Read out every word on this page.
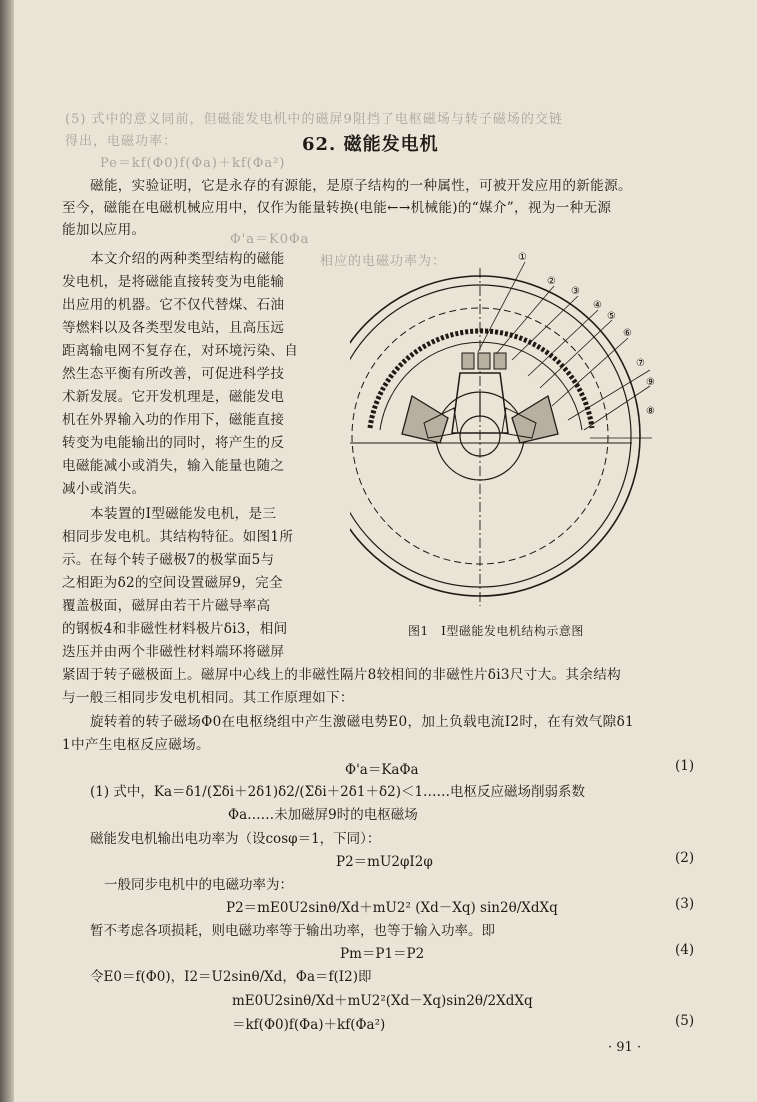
(5) 式中的意义同前，但磁能发电机中的磁屏9阻挡了电枢磁场与转子磁场的交链
得出，电磁功率：
Pe＝kf(Φ0)f(Φa)＋kf(Φa²)
Φ'a＝K0Φa
相应的电磁功率为：
62. 磁能发电机
磁能，实验证明，它是永存的有源能，是原子结构的一种属性，可被开发应用的新能源。
至今，磁能在电磁机械应用中，仅作为能量转换(电能←→机械能)的“媒介”，视为一种无源
能加以应用。
本文介绍的两种类型结构的磁能
发电机，是将磁能直接转变为电能输
出应用的机器。它不仅代替煤、石油
等燃料以及各类型发电站，且高压远
距离输电网不复存在，对环境污染、自
然生态平衡有所改善，可促进科学技
术新发展。它开发机理是，磁能发电
机在外界输入功的作用下，磁能直接
转变为电能输出的同时，将产生的反
电磁能减小或消失，输入能量也随之
减小或消失。
本装置的Ⅰ型磁能发电机，是三
相同步发电机。其结构特征。如图1所
示。在每个转子磁极7的极掌面5与
之相距为δ2的空间设置磁屏9，完全
覆盖极面，磁屏由若干片磁导率高
的钢板4和非磁性材料极片δi3，相间
迭压并由两个非磁性材料端环将磁屏
①
②
③
④
⑤
⑥
⑦
⑨
⑧
图1　Ⅰ型磁能发电机结构示意图
紧固于转子磁极面上。磁屏中心线上的非磁性隔片8较相间的非磁性片δi3尺寸大。其余结构
与一般三相同步发电机相同。其工作原理如下：
旋转着的转子磁场Φ0在电枢绕组中产生激磁电势E0，加上负载电流I2时，在有效气隙δ1
1中产生电枢反应磁场。
Φ'a＝KaΦa	(1)
(1) 式中，Ka＝δ1/(Σδi＋2δ1)δ2/(Σδi＋2δ1＋δ2)＜1……电枢反应磁场削弱系数
Φa……未加磁屏9时的电枢磁场
磁能发电机输出电功率为（设cosφ＝1，下同）：
P2＝mU2φI2φ	(2)
一般同步电机中的电磁功率为：
P2＝mE0U2sinθ/Xd＋mU2² (Xd－Xq) sin2θ/XdXq	(3)
暂不考虑各项损耗，则电磁功率等于输出功率，也等于输入功率。即
Pm＝P1＝P2	(4)
令E0＝f(Φ0)，I2＝U2sinθ/Xd，Φa＝f(I2)即
mE0U2sinθ/Xd＋mU2²(Xd－Xq)sin2θ/2XdXq
＝kf(Φ0)f(Φa)＋kf(Φa²)	(5)
· 91 ·
